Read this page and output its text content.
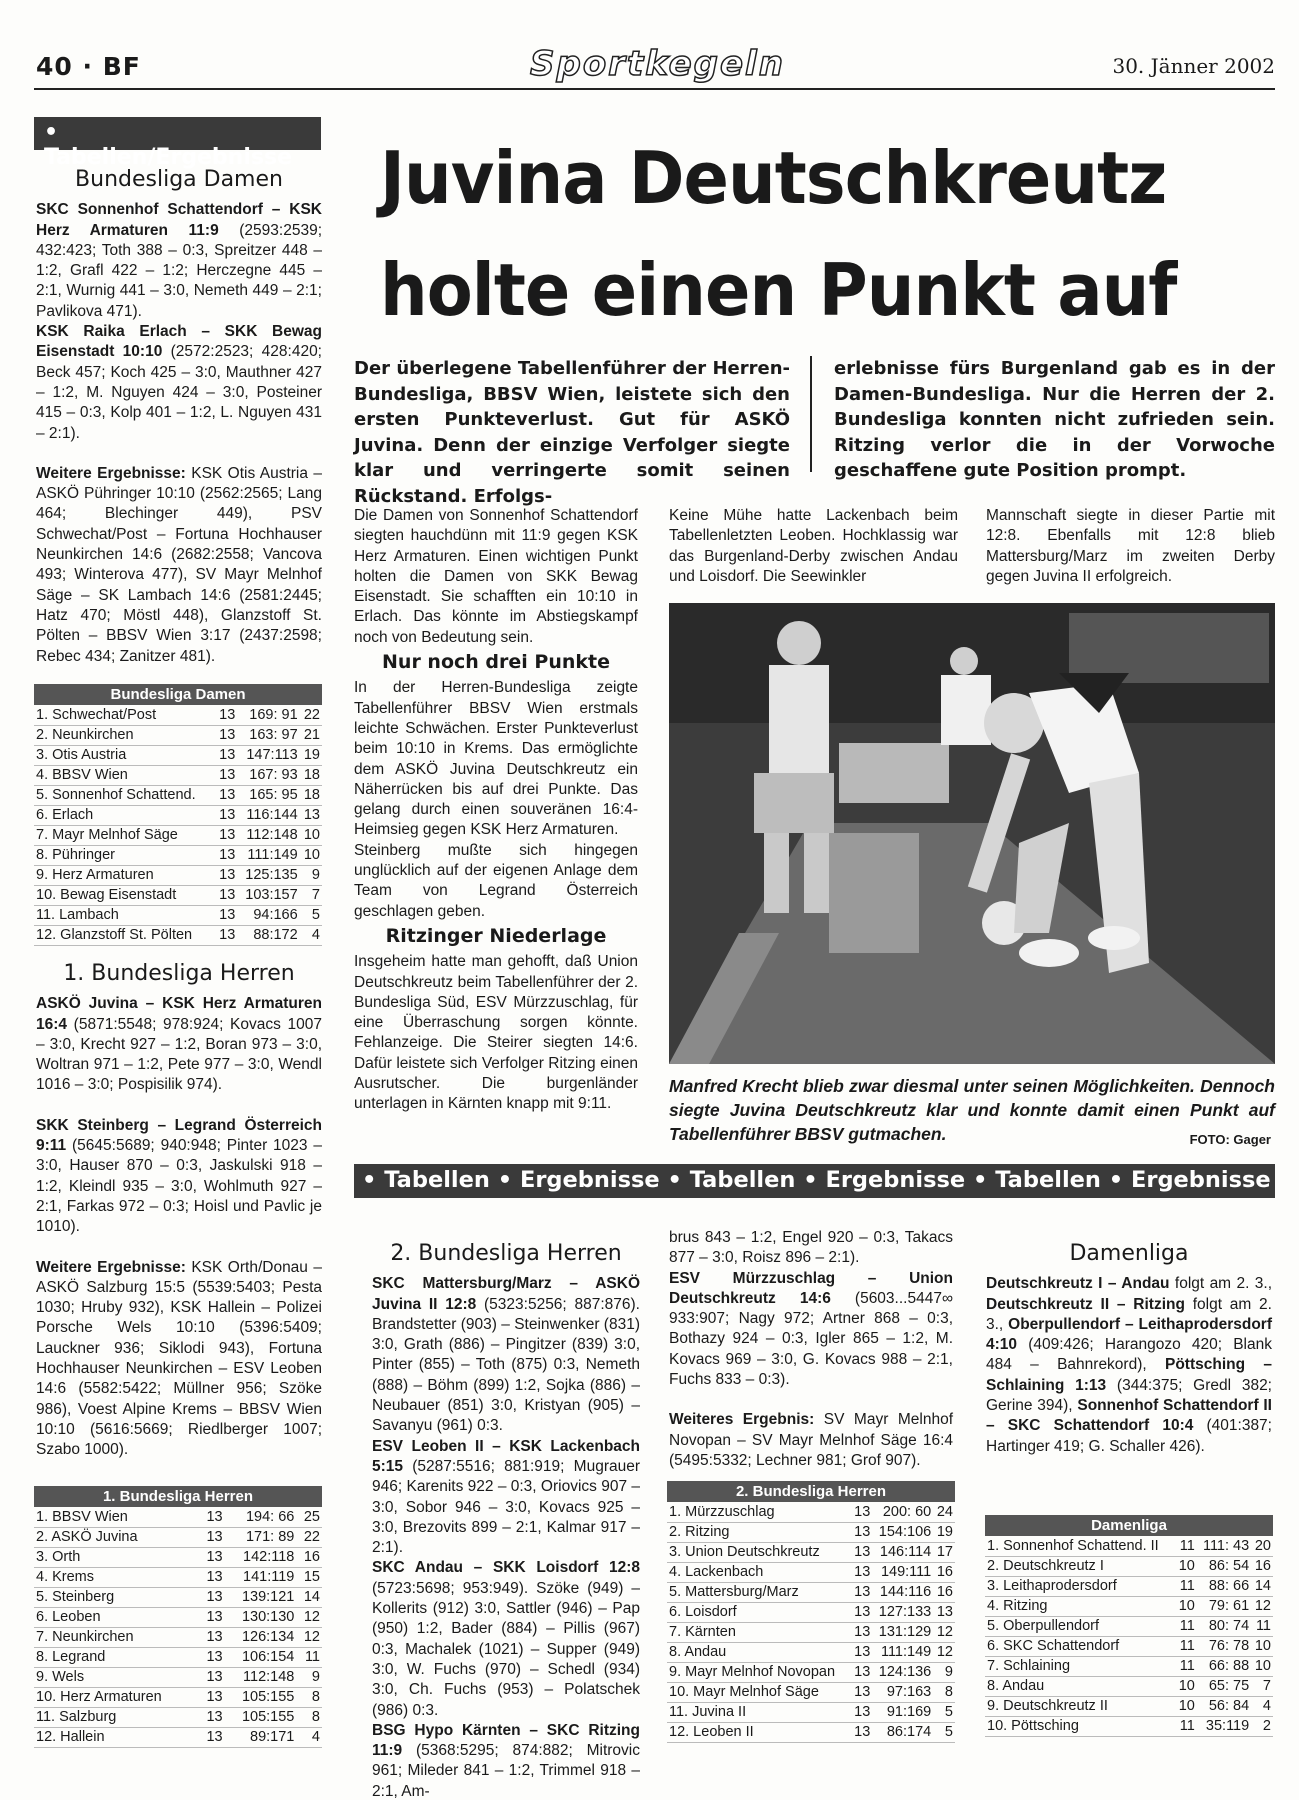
40 · BF	Sportkegeln	30. Jänner 2002
• Tabellen/Ergebnisse
Bundesliga Damen

SKC Sonnenhof Schattendorf – KSK Herz Armaturen 11:9 (2593:2539; 432:423; Toth 388 – 0:3, Spreitzer 448 – 1:2, Grafl 422 – 1:2; Herczegne 445 – 2:1, Wurnig 441 – 3:0, Nemeth 449 – 2:1; Pavlikova 471).

KSK Raika Erlach – SKK Bewag Eisenstadt 10:10 (2572:2523; 428:420; Beck 457; Koch 425 – 3:0, Mauthner 427 – 1:2, M. Nguyen 424 – 3:0, Posteiner 415 – 0:3, Kolp 401 – 1:2, L. Nguyen 431 – 2:1).

Weitere Ergebnisse: KSK Otis Austria – ASKÖ Pühringer 10:10 (2562:2565; Lang 464; Blechinger 449), PSV Schwechat/Post – Fortuna Hochhauser Neunkirchen 14:6 (2682:2558; Vancova 493; Winterova 477), SV Mayr Melnhof Säge – SK Lambach 14:6 (2581:2445; Hatz 470; Möstl 448), Glanzstoff St. Pölten – BBSV Wien 3:17 (2437:2598; Rebec 434; Zanitzer 481).

Bundesliga Damen
1. Schwechat/Post	13	169: 91	22
2. Neunkirchen	13	163: 97	21
3. Otis Austria	13	147:113	19
4. BBSV Wien	13	167: 93	18
5. Sonnenhof Schattend.	13	165: 95	18
6. Erlach	13	116:144	13
7. Mayr Melnhof Säge	13	112:148	10
8. Pühringer	13	111:149	10
9. Herz Armaturen	13	125:135	9
10. Bewag Eisenstadt	13	103:157	7
11. Lambach	13	94:166	5
12. Glanzstoff St. Pölten	13	88:172	4
1. Bundesliga Herren

ASKÖ Juvina – KSK Herz Armaturen 16:4 (5871:5548; 978:924; Kovacs 1007 – 3:0, Krecht 927 – 1:2, Boran 973 – 3:0, Woltran 971 – 1:2, Pete 977 – 3:0, Wendl 1016 – 3:0; Pospisilik 974).

SKK Steinberg – Legrand Österreich 9:11 (5645:5689; 940:948; Pinter 1023 – 3:0, Hauser 870 – 0:3, Jaskulski 918 – 1:2, Kleindl 935 – 3:0, Wohlmuth 927 – 2:1, Farkas 972 – 0:3; Hoisl und Pavlic je 1010).

Weitere Ergebnisse: KSK Orth/Donau – ASKÖ Salzburg 15:5 (5539:5403; Pesta 1030; Hruby 932), KSK Hallein – Polizei Porsche Wels 10:10 (5396:5409; Lauckner 936; Siklodi 943), Fortuna Hochhauser Neunkirchen – ESV Leoben 14:6 (5582:5422; Müllner 956; Szöke 986), Voest Alpine Krems – BBSV Wien 10:10 (5616:5669; Riedlberger 1007; Szabo 1000).

1. Bundesliga Herren
1. BBSV Wien	13	194: 66	25
2. ASKÖ Juvina	13	171: 89	22
3. Orth	13	142:118	16
4. Krems	13	141:119	15
5. Steinberg	13	139:121	14
6. Leoben	13	130:130	12
7. Neunkirchen	13	126:134	12
8. Legrand	13	106:154	11
9. Wels	13	112:148	9
10. Herz Armaturen	13	105:155	8
11. Salzburg	13	105:155	8
12. Hallein	13	89:171	4
Juvina Deutschkreutz
holte einen Punkt auf
Der überlegene Tabellenführer der Herren-Bundesliga, BBSV Wien, leistete sich den ersten Punkteverlust. Gut für ASKÖ Juvina. Denn der einzige Verfolger siegte klar und verringerte somit seinen Rückstand. Erfolgs-
erlebnisse fürs Burgenland gab es in der Damen-Bundesliga. Nur die Herren der 2. Bundesliga konnten nicht zufrieden sein. Ritzing verlor die in der Vorwoche geschaffene gute Position prompt.

Die Damen von Sonnenhof Schattendorf siegten hauchdünn mit 11:9 gegen KSK Herz Armaturen. Einen wichtigen Punkt holten die Damen von SKK Bewag Eisenstadt. Sie schafften ein 10:10 in Erlach. Das könnte im Abstiegskampf noch von Bedeutung sein.

Nur noch drei Punkte

In der Herren-Bundesliga zeigte Tabellenführer BBSV Wien erstmals leichte Schwächen. Erster Punkteverlust beim 10:10 in Krems. Das ermöglichte dem ASKÖ Juvina Deutschkreutz ein Näherrücken bis auf drei Punkte. Das gelang durch einen souveränen 16:4-Heimsieg gegen KSK Herz Armaturen.

Steinberg mußte sich hingegen unglücklich auf der eigenen Anlage dem Team von Legrand Österreich geschlagen geben.

Ritzinger Niederlage

Insgeheim hatte man gehofft, daß Union Deutschkreutz beim Tabellenführer der 2. Bundesliga Süd, ESV Mürzzuschlag, für eine Überraschung sorgen könnte. Fehlanzeige. Die Steirer siegten 14:6. Dafür leistete sich Verfolger Ritzing einen Ausrutscher. Die burgenländer unterlagen in Kärnten knapp mit 9:11.

Keine Mühe hatte Lackenbach beim Tabellenletzten Leoben. Hochklassig war das Burgenland-Derby zwischen Andau und Loisdorf. Die Seewinkler
Mannschaft siegte in dieser Partie mit 12:8. Ebenfalls mit 12:8 blieb Mattersburg/Marz im zweiten Derby gegen Juvina II erfolgreich.
Manfred Krecht blieb zwar diesmal unter seinen Möglichkeiten. Dennoch siegte Juvina Deutschkreutz klar und konnte damit einen Punkt auf Tabellenführer BBSV gutmachen.	FOTO: Gager
• Tabellen • Ergebnisse • Tabellen • Ergebnisse • Tabellen • Ergebnisse
2. Bundesliga Herren

SKC Mattersburg/Marz – ASKÖ Juvina II 12:8 (5323:5256; 887:876). Brandstetter (903) – Steinwenker (831) 3:0, Grath (886) – Pingitzer (839) 3:0, Pinter (855) – Toth (875) 0:3, Nemeth (888) – Böhm (899) 1:2, Sojka (886) – Neubauer (851) 3:0, Kristyan (905) – Savanyu (961) 0:3.

ESV Leoben II – KSK Lackenbach 5:15 (5287:5516; 881:919; Mugrauer 946; Karenits 922 – 0:3, Oriovics 907 – 3:0, Sobor 946 – 3:0, Kovacs 925 – 3:0, Brezovits 899 – 2:1, Kalmar 917 – 2:1).

SKC Andau – SKK Loisdorf 12:8 (5723:5698; 953:949). Szöke (949) – Kollerits (912) 3:0, Sattler (946) – Pap (950) 1:2, Bader (884) – Pillis (967) 0:3, Machalek (1021) – Supper (949) 3:0, W. Fuchs (970) – Schedl (934) 3:0, Ch. Fuchs (953) – Polatschek (986) 0:3.

BSG Hypo Kärnten – SKC Ritzing 11:9 (5368:5295; 874:882; Mitrovic 961; Mileder 841 – 1:2, Trimmel 918 – 2:1, Am-

brus 843 – 1:2, Engel 920 – 0:3, Takacs 877 – 3:0, Roisz 896 – 2:1).

ESV Mürzzuschlag – Union Deutschkreutz 14:6 (5603...5447∞ 933:907; Nagy 972; Artner 868 – 0:3, Bothazy 924 – 0:3, Igler 865 – 1:2, M. Kovacs 969 – 3:0, G. Kovacs 988 – 2:1, Fuchs 833 – 0:3).

Weiteres Ergebnis: SV Mayr Melnhof Novopan – SV Mayr Melnhof Säge 16:4 (5495:5332; Lechner 981; Grof 907).

2. Bundesliga Herren
1. Mürzzuschlag	13	200: 60	24
2. Ritzing	13	154:106	19
3. Union Deutschkreutz	13	146:114	17
4. Lackenbach	13	149:111	16
5. Mattersburg/Marz	13	144:116	16
6. Loisdorf	13	127:133	13
7. Kärnten	13	131:129	12
8. Andau	13	111:149	12
9. Mayr Melnhof Novopan	13	124:136	9
10. Mayr Melnhof Säge	13	97:163	8
11. Juvina II	13	91:169	5
12. Leoben II	13	86:174	5
Damenliga

Deutschkreutz I – Andau folgt am 2. 3., Deutschkreutz II – Ritzing folgt am 2. 3., Oberpullendorf – Leithaprodersdorf 4:10 (409:426; Harangozo 420; Blank 484 – Bahnrekord), Pöttsching – Schlaining 1:13 (344:375; Gredl 382; Gerine 394), Sonnenhof Schattendorf II – SKC Schattendorf 10:4 (401:387; Hartinger 419; G. Schaller 426).

Damenliga
1. Sonnenhof Schattend. II	11	111: 43	20
2. Deutschkreutz I	10	86: 54	16
3. Leithaprodersdorf	11	88: 66	14
4. Ritzing	10	79: 61	12
5. Oberpullendorf	11	80: 74	11
6. SKC Schattendorf	11	76: 78	10
7. Schlaining	11	66: 88	10
8. Andau	10	65: 75	7
9. Deutschkreutz II	10	56: 84	4
10. Pöttsching	11	35:119	2
